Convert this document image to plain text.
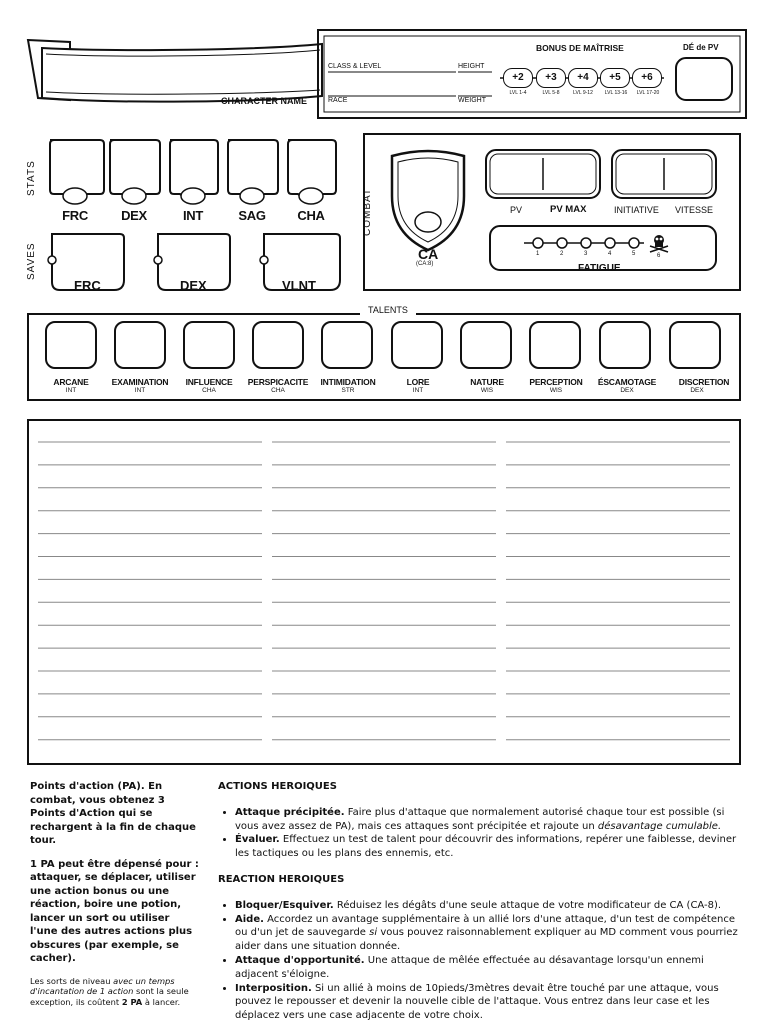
CHARACTER NAME
CLASS & LEVEL	HEIGHT
RACE	WEIGHT
BONUS DE MAÎTRISE	DÉ de PV
+2
LVL 1-4
+3
LVL 5-8
+4
LVL 9-12
+5
LVL 13-16
+6
LVL 17-20
STATS
SAVES
FRC	DEX	INT	SAG CHA
FRC	DEX	VLNT
COMBAT
CA
(CA:8)
PV	PV MAX	INITIATIVE VITESSE
FATIGUE
1	2	3	4	5	6
TALENTS
ARCANE
INT
EXAMINATION
INT
INFLUENCE
CHA
PERSPICACITE
CHA
INTIMIDATION
STR
LORE
INT
NATURE
WIS
PERCEPTION
WIS
ÉSCAMOTAGE
DEX
DISCRETION
DEX

Points d'action (PA). En combat, vous obtenez 3 Points d'Action qui se rechargent à la fin de chaque tour.

1 PA peut être dépensé pour : attaquer, se déplacer, utiliser une action bonus ou une réaction, boire une potion, lancer un sort ou utiliser l'une des autres actions plus obscures (par exemple, se cacher).

Les sorts de niveau avec un temps d'incantation de 1 action sont la seule exception, ils coûtent 2 PA à lancer.

ACTIONS HEROIQUES
• Attaque précipitée. Faire plus d'attaque que normalement autorisé chaque tour est possible (si vous avez assez de PA), mais ces attaques sont précipitée et rajoute un désavantage cumulable.
• Évaluer. Effectuez un test de talent pour découvrir des informations, repérer une faiblesse, deviner les tactiques ou les plans des ennemis, etc.
REACTION HEROIQUES
• Bloquer/Esquiver. Réduisez les dégâts d'une seule attaque de votre modificateur de CA (CA-8).
• Aide. Accordez un avantage supplémentaire à un allié lors d'une attaque, d'un test de compétence ou d'un jet de sauvegarde si vous pouvez raisonnablement expliquer au MD comment vous pourriez aider dans une situation donnée.
• Attaque d'opportunité. Une attaque de mêlée effectuée au désavantage lorsqu'un ennemi adjacent s'éloigne.
• Interposition. Si un allié à moins de 10pieds/3mètres devait être touché par une attaque, vous pouvez le repousser et devenir la nouvelle cible de l'attaque. Vous entrez dans leur case et les déplacez vers une case adjacente de votre choix.
